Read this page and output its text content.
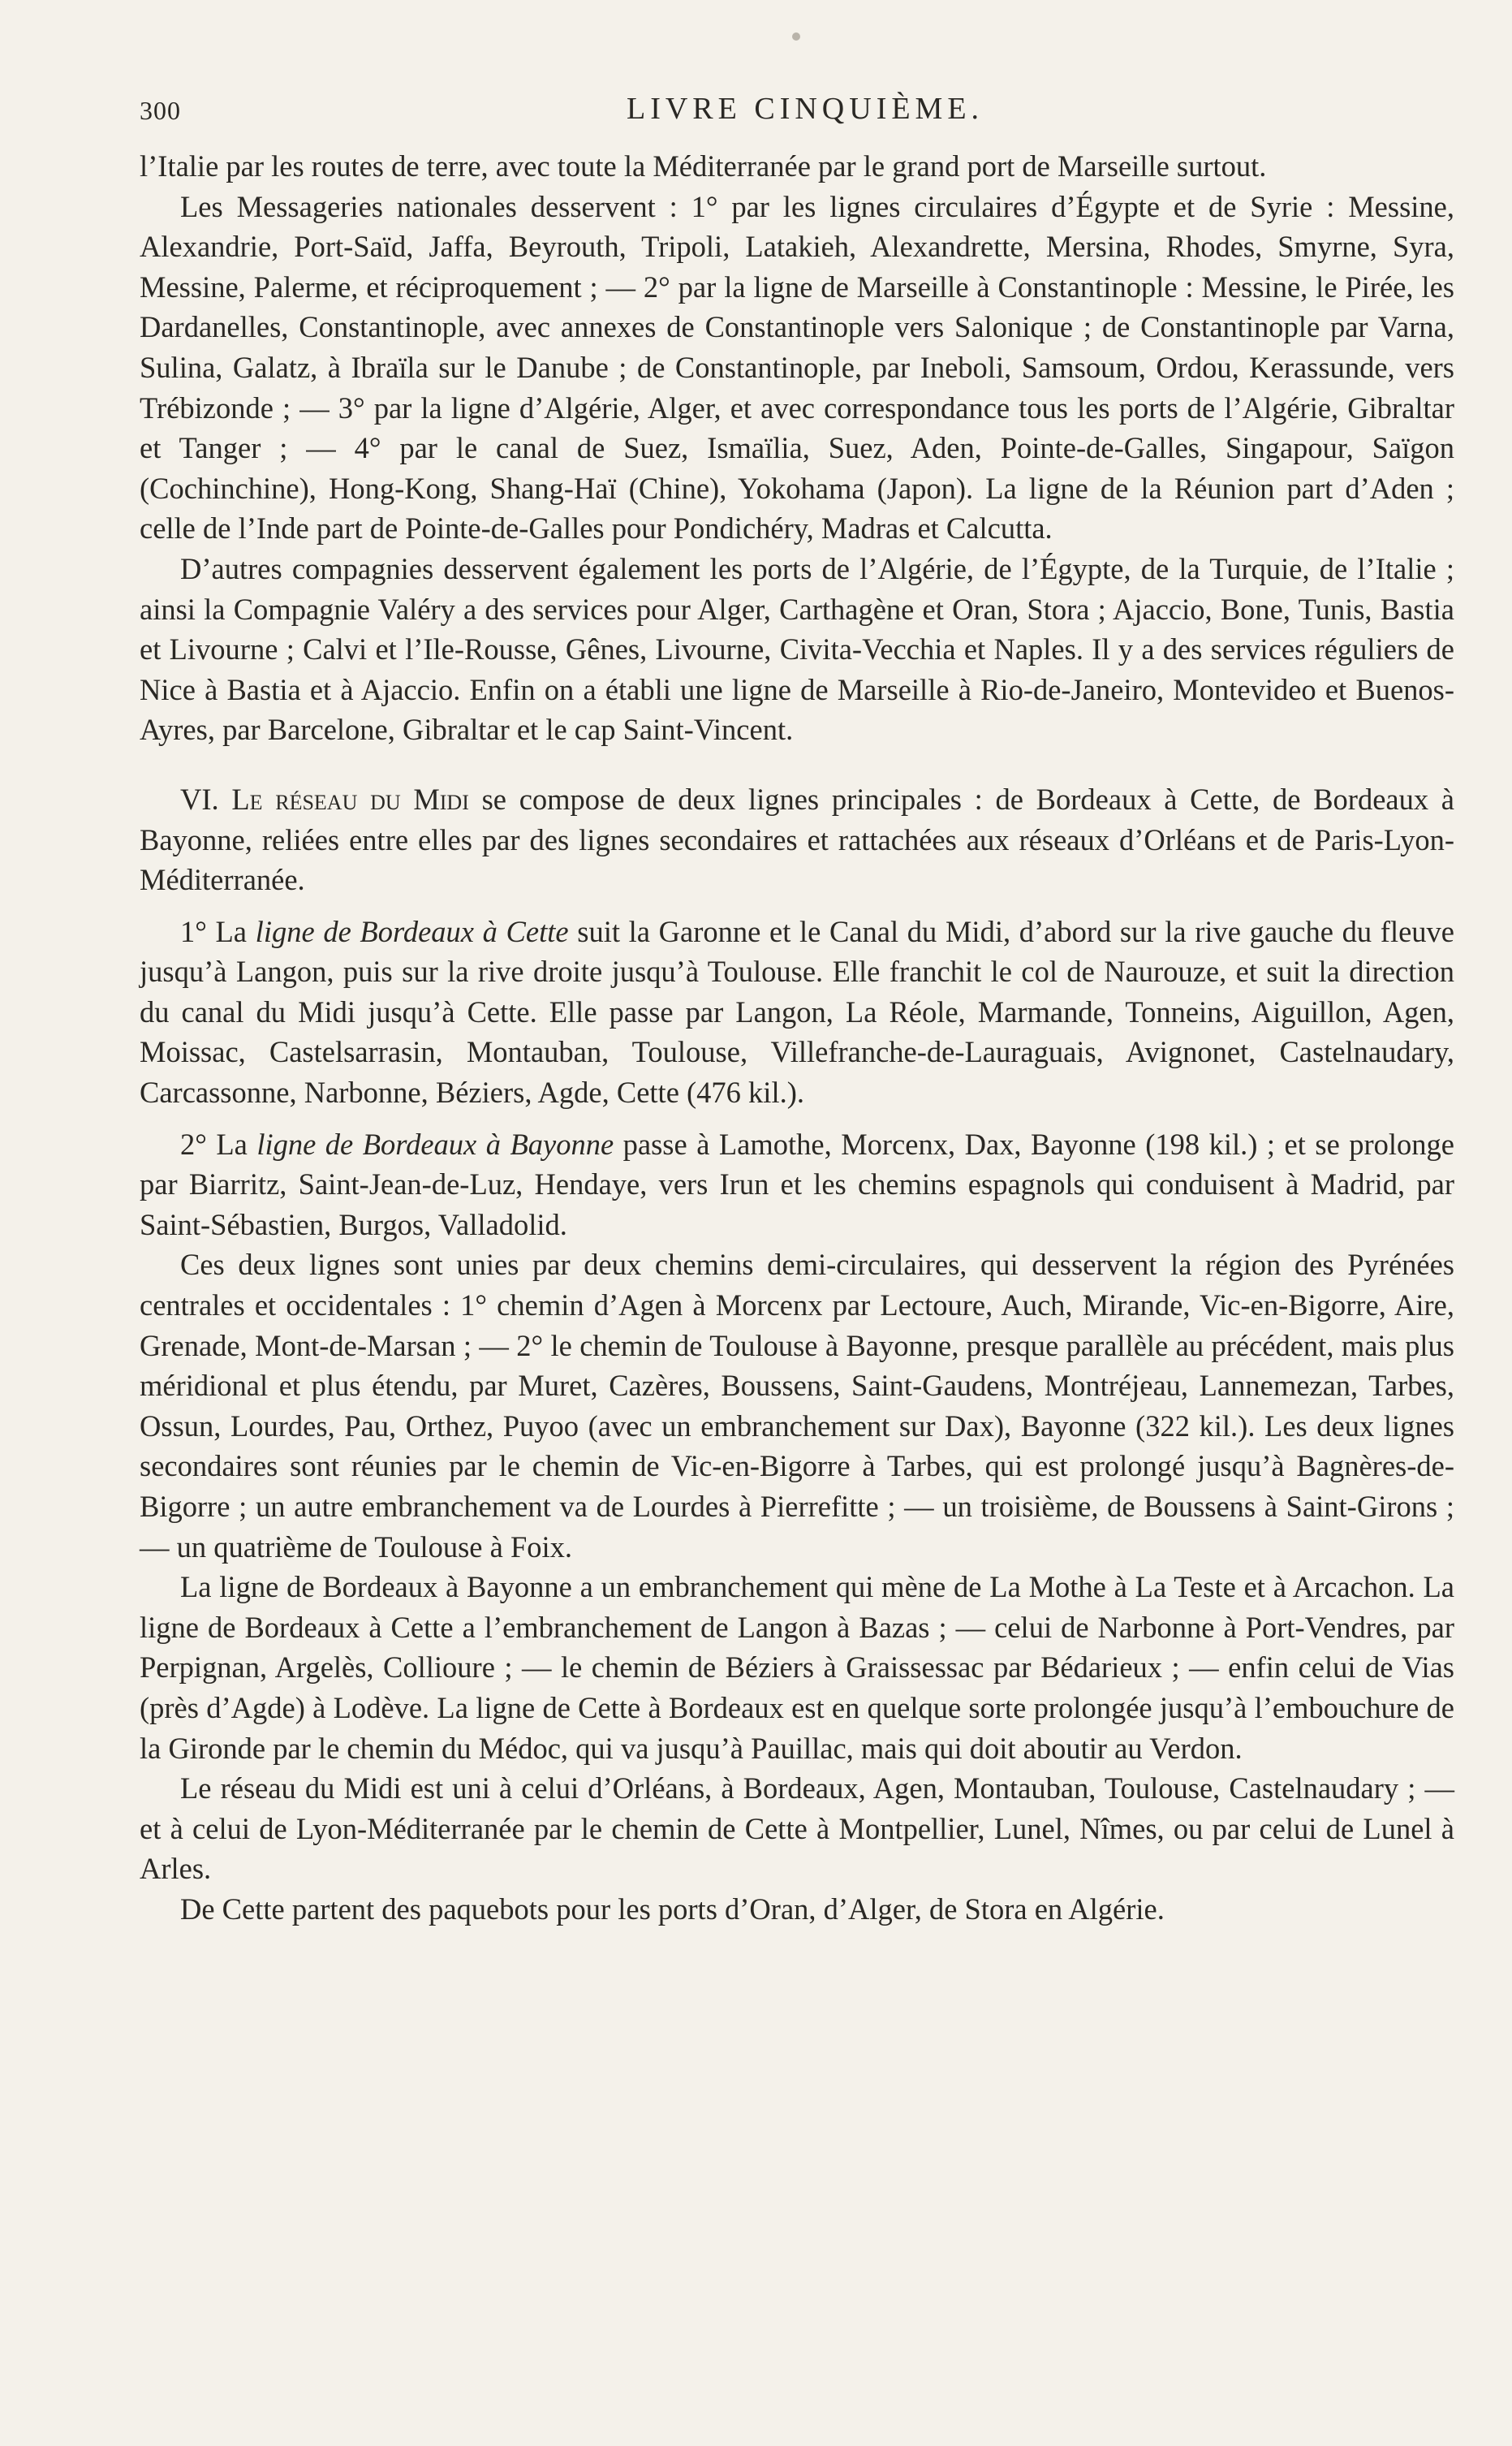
300	LIVRE CINQUIÈME.

l’Italie par les routes de terre, avec toute la Méditerranée par le grand port de Marseille surtout.

Les Messageries nationales desservent : 1° par les lignes circulaires d’Égypte et de Syrie : Messine, Alexandrie, Port-Saïd, Jaffa, Beyrouth, Tripoli, Latakieh, Alexandrette, Mersina, Rhodes, Smyrne, Syra, Messine, Palerme, et réciproquement ; — 2° par la ligne de Marseille à Constantinople : Messine, le Pirée, les Dardanelles, Constantinople, avec annexes de Constantinople vers Salonique ; de Constantinople par Varna, Sulina, Galatz, à Ibraïla sur le Danube ; de Constantinople, par Ineboli, Samsoum, Ordou, Kerassunde, vers Trébizonde ; — 3° par la ligne d’Algérie, Alger, et avec correspondance tous les ports de l’Algérie, Gibraltar et Tanger ; — 4° par le canal de Suez, Ismaïlia, Suez, Aden, Pointe-de-Galles, Singapour, Saïgon (Cochinchine), Hong-Kong, Shang-Haï (Chine), Yokohama (Japon). La ligne de la Réunion part d’Aden ; celle de l’Inde part de Pointe-de-Galles pour Pondichéry, Madras et Calcutta.

D’autres compagnies desservent également les ports de l’Algérie, de l’Égypte, de la Turquie, de l’Italie ; ainsi la Compagnie Valéry a des services pour Alger, Carthagène et Oran, Stora ; Ajaccio, Bone, Tunis, Bastia et Livourne ; Calvi et l’Ile-Rousse, Gênes, Livourne, Civita-Vecchia et Naples. Il y a des services réguliers de Nice à Bastia et à Ajaccio. Enfin on a établi une ligne de Marseille à Rio-de-Janeiro, Montevideo et Buenos-Ayres, par Barcelone, Gibraltar et le cap Saint-Vincent.

VI. Le réseau du Midi se compose de deux lignes principales : de Bordeaux à Cette, de Bordeaux à Bayonne, reliées entre elles par des lignes secondaires et rattachées aux réseaux d’Orléans et de Paris-Lyon-Méditerranée.

1° La ligne de Bordeaux à Cette suit la Garonne et le Canal du Midi, d’abord sur la rive gauche du fleuve jusqu’à Langon, puis sur la rive droite jusqu’à Toulouse. Elle franchit le col de Naurouze, et suit la direction du canal du Midi jusqu’à Cette. Elle passe par Langon, La Réole, Marmande, Tonneins, Aiguillon, Agen, Moissac, Castelsarrasin, Montauban, Toulouse, Villefranche-de-Lauraguais, Avignonet, Castelnaudary, Carcassonne, Narbonne, Béziers, Agde, Cette (476 kil.).

2° La ligne de Bordeaux à Bayonne passe à Lamothe, Morcenx, Dax, Bayonne (198 kil.) ; et se prolonge par Biarritz, Saint-Jean-de-Luz, Hendaye, vers Irun et les chemins espagnols qui conduisent à Madrid, par Saint-Sébastien, Burgos, Valladolid.

Ces deux lignes sont unies par deux chemins demi-circulaires, qui desservent la région des Pyrénées centrales et occidentales : 1° chemin d’Agen à Morcenx par Lectoure, Auch, Mirande, Vic-en-Bigorre, Aire, Grenade, Mont-de-Marsan ; — 2° le chemin de Toulouse à Bayonne, presque parallèle au précédent, mais plus méridional et plus étendu, par Muret, Cazères, Boussens, Saint-Gaudens, Montréjeau, Lannemezan, Tarbes, Ossun, Lourdes, Pau, Orthez, Puyoo (avec un embranchement sur Dax), Bayonne (322 kil.). Les deux lignes secondaires sont réunies par le chemin de Vic-en-Bigorre à Tarbes, qui est prolongé jusqu’à Bagnères-de-Bigorre ; un autre embranchement va de Lourdes à Pierrefitte ; — un troisième, de Boussens à Saint-Girons ; — un quatrième de Toulouse à Foix.

La ligne de Bordeaux à Bayonne a un embranchement qui mène de La Mothe à La Teste et à Arcachon. La ligne de Bordeaux à Cette a l’embranchement de Langon à Bazas ; — celui de Narbonne à Port-Vendres, par Perpignan, Argelès, Collioure ; — le chemin de Béziers à Graissessac par Bédarieux ; — enfin celui de Vias (près d’Agde) à Lodève. La ligne de Cette à Bordeaux est en quelque sorte prolongée jusqu’à l’embouchure de la Gironde par le chemin du Médoc, qui va jusqu’à Pauillac, mais qui doit aboutir au Verdon.

Le réseau du Midi est uni à celui d’Orléans, à Bordeaux, Agen, Montauban, Toulouse, Castelnaudary ; — et à celui de Lyon-Méditerranée par le chemin de Cette à Montpellier, Lunel, Nîmes, ou par celui de Lunel à Arles.

De Cette partent des paquebots pour les ports d’Oran, d’Alger, de Stora en Algérie.
